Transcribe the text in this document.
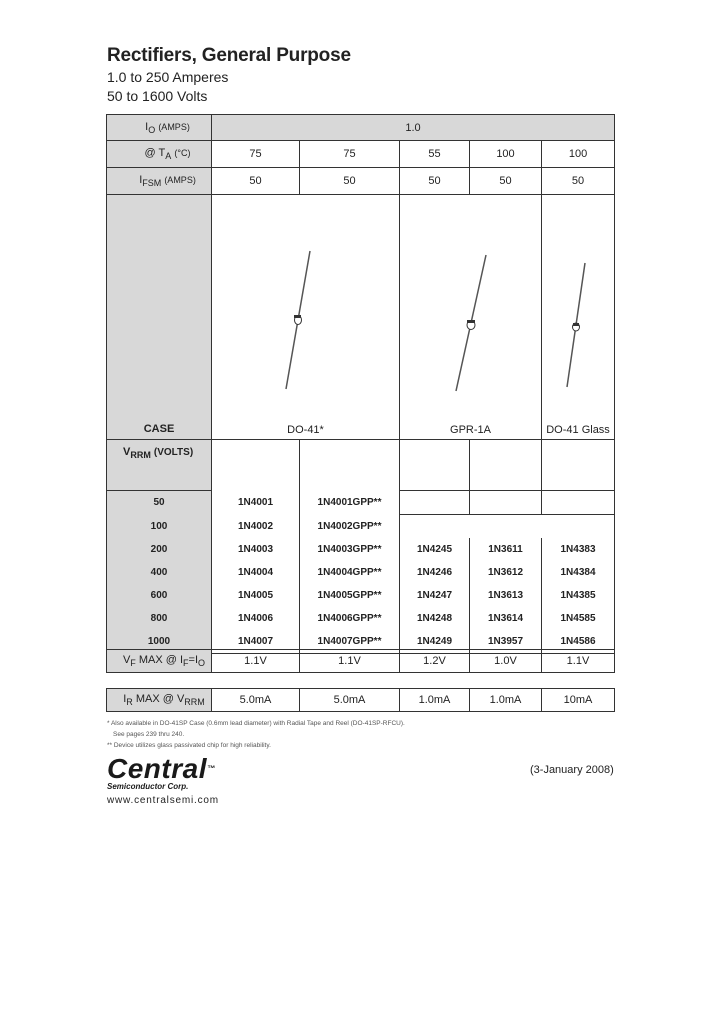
Rectifiers, General Purpose
1.0 to 250 Amperes
50 to 1600 Volts
$I_O$ (AMPS)	1.0				
@ $T_A$ (°C)	75	75	55	100	100
$I_{FSM}$ (AMPS)	50	50	50	50	50
CASE	DO-41*		GPR-1A		DO-41 Glass

$V_{RRM}$ (VOLTS)					
50	1N4001	1N4001GPP**			
100	1N4002	1N4002GPP**			
200	1N4003	1N4003GPP**	1N4245	1N3611	1N4383
400	1N4004	1N4004GPP**	1N4246	1N3612	1N4384
600	1N4005	1N4005GPP**	1N4247	1N3613	1N4385
800	1N4006	1N4006GPP**	1N4248	1N3614	1N4585
1000	1N4007	1N4007GPP**	1N4249	1N3957	1N4586
$V_F$ MAX @ $I_F=I_O$	1.1V	1.1V	1.2V	1.0V	1.1V
$I_R$ MAX @ $V_{RRM}$	5.0mA	5.0mA	1.0mA	1.0mA	10mA
* Also available in DO-41SP Case (0.6mm lead diameter) with Radial Tape and Reel (DO-41SP-RFCU).
See pages 239 thru 240.
** Device utilizes glass passivated chip for high reliability.
Central™
Semiconductor Corp.
www.centralsemi.com
(3-January 2008)
